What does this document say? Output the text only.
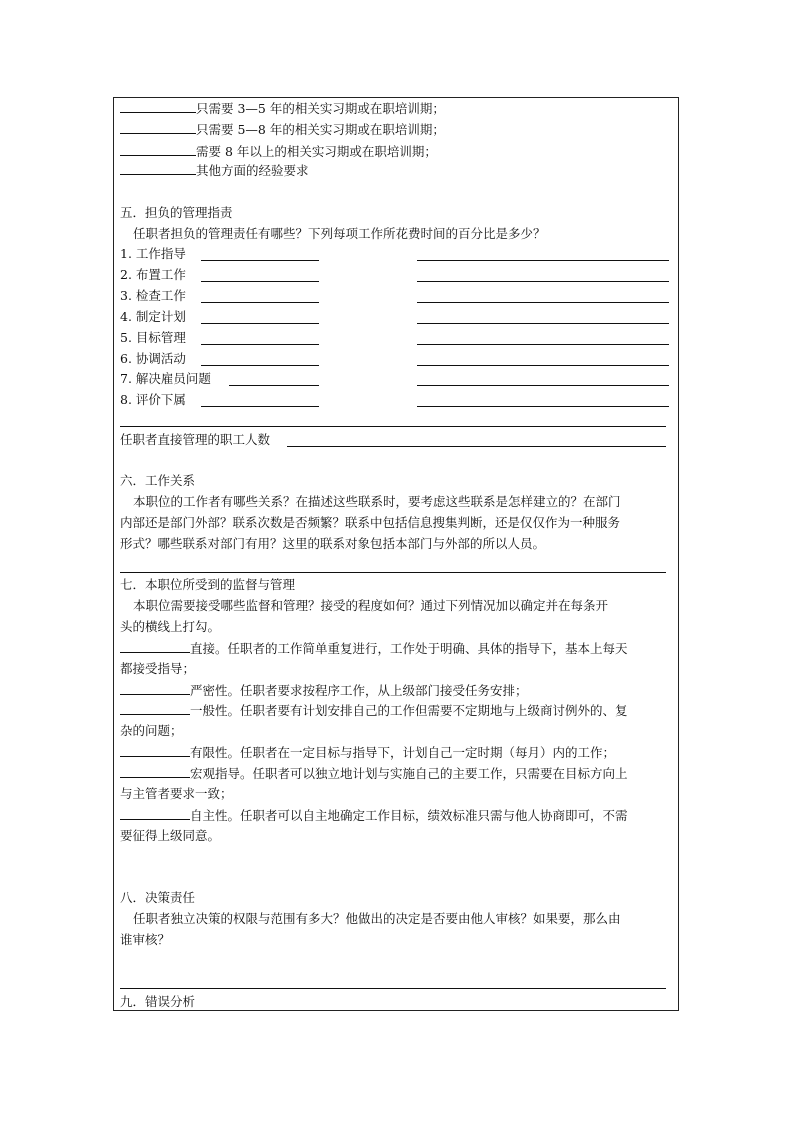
只需要 3—5 年的相关实习期或在职培训期；
只需要 5—8 年的相关实习期或在职培训期；
需要 8 年以上的相关实习期或在职培训期；
其他方面的经验要求
五．担负的管理指责
任职者担负的管理责任有哪些？下列每项工作所花费时间的百分比是多少？
1. 工作指导
2. 布置工作
3. 检查工作
4. 制定计划
5. 目标管理
6. 协调活动
7. 解决雇员问题
8. 评价下属
任职者直接管理的职工人数
六．工作关系
本职位的工作者有哪些关系？在描述这些联系时，要考虑这些联系是怎样建立的？在部门
内部还是部门外部？联系次数是否频繁？联系中包括信息搜集判断，还是仅仅作为一种服务
形式？哪些联系对部门有用？这里的联系对象包括本部门与外部的所以人员。
七．本职位所受到的监督与管理
本职位需要接受哪些监督和管理？接受的程度如何？通过下列情况加以确定并在每条开
头的横线上打勾。
直接。任职者的工作简单重复进行，工作处于明确、具体的指导下，基本上每天
都接受指导；
严密性。任职者要求按程序工作，从上级部门接受任务安排；
一般性。任职者要有计划安排自己的工作但需要不定期地与上级商讨例外的、复
杂的问题；
有限性。任职者在一定目标与指导下，计划自己一定时期（每月）内的工作；
宏观指导。任职者可以独立地计划与实施自己的主要工作，只需要在目标方向上
与主管者要求一致；
自主性。任职者可以自主地确定工作目标，绩效标准只需与他人协商即可，不需
要征得上级同意。
八．决策责任
任职者独立决策的权限与范围有多大？他做出的决定是否要由他人审核？如果要，那么由
谁审核？
九．错误分析
